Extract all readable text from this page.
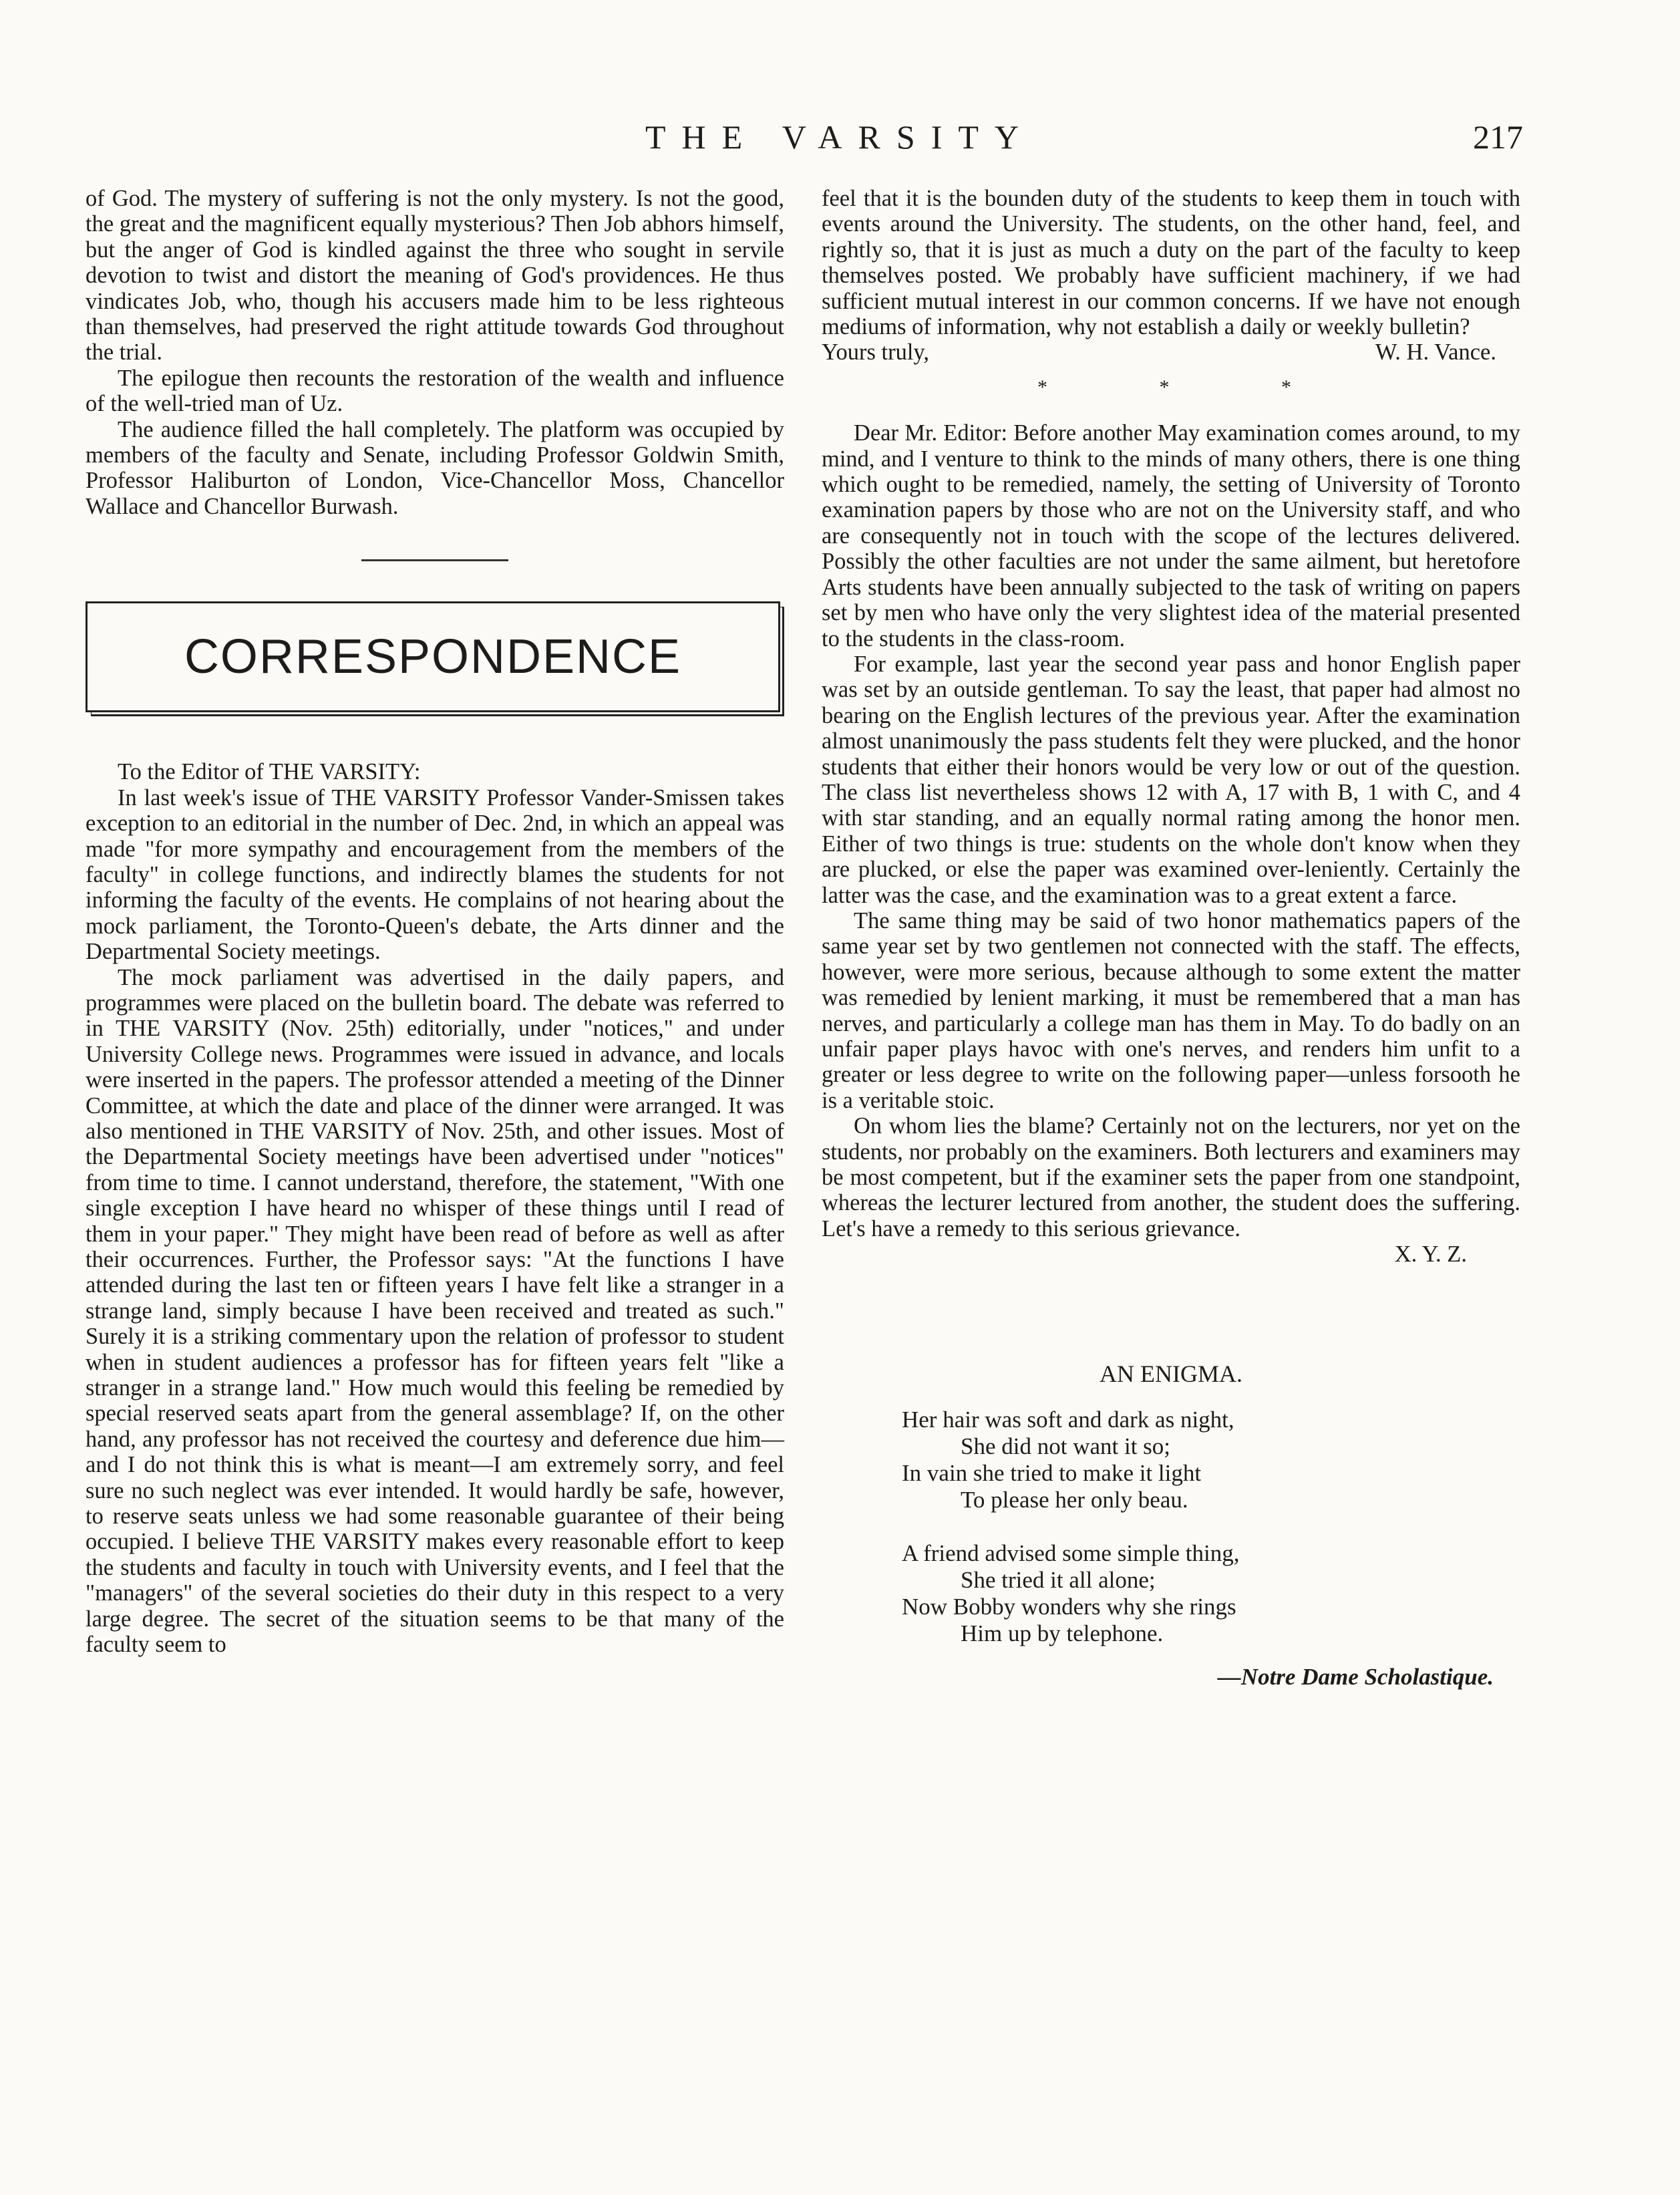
THE VARSITY	217

of God. The mystery of suffering is not the only mystery. Is not the good, the great and the magnificent equally mysterious? Then Job abhors himself, but the anger of God is kindled against the three who sought in servile devotion to twist and distort the meaning of God's providences. He thus vindicates Job, who, though his accusers made him to be less righteous than themselves, had preserved the right attitude towards God throughout the trial.

The epilogue then recounts the restoration of the wealth and influence of the well-tried man of Uz.

The audience filled the hall completely. The platform was occupied by members of the faculty and Senate, including Professor Goldwin Smith, Professor Haliburton of London, Vice-Chancellor Moss, Chancellor Wallace and Chancellor Burwash.

CORRESPONDENCE

To the Editor of THE VARSITY:

In last week's issue of THE VARSITY Professor Vander-Smissen takes exception to an editorial in the number of Dec. 2nd, in which an appeal was made "for more sympathy and encouragement from the members of the faculty" in college functions, and indirectly blames the students for not informing the faculty of the events. He complains of not hearing about the mock parliament, the Toronto-Queen's debate, the Arts dinner and the Departmental Society meetings.

The mock parliament was advertised in the daily papers, and programmes were placed on the bulletin board. The debate was referred to in THE VARSITY (Nov. 25th) editorially, under "notices," and under University College news. Programmes were issued in advance, and locals were inserted in the papers. The professor attended a meeting of the Dinner Committee, at which the date and place of the dinner were arranged. It was also mentioned in THE VARSITY of Nov. 25th, and other issues. Most of the Departmental Society meetings have been advertised under "notices" from time to time. I cannot understand, therefore, the statement, "With one single exception I have heard no whisper of these things until I read of them in your paper." They might have been read of before as well as after their occurrences. Further, the Professor says: "At the functions I have attended during the last ten or fifteen years I have felt like a stranger in a strange land, simply because I have been received and treated as such." Surely it is a striking commentary upon the relation of professor to student when in student audiences a professor has for fifteen years felt "like a stranger in a strange land." How much would this feeling be remedied by special reserved seats apart from the general assemblage? If, on the other hand, any professor has not received the courtesy and deference due him—and I do not think this is what is meant—I am extremely sorry, and feel sure no such neglect was ever intended. It would hardly be safe, however, to reserve seats unless we had some reasonable guarantee of their being occupied. I believe THE VARSITY makes every reasonable effort to keep the students and faculty in touch with University events, and I feel that the "managers" of the several societies do their duty in this respect to a very large degree. The secret of the situation seems to be that many of the faculty seem to

feel that it is the bounden duty of the students to keep them in touch with events around the University. The students, on the other hand, feel, and rightly so, that it is just as much a duty on the part of the faculty to keep themselves posted. We probably have sufficient machinery, if we had sufficient mutual interest in our common concerns. If we have not enough mediums of information, why not establish a daily or weekly bulletin?

Yours truly,	W. H. Vance.
* * *

Dear Mr. Editor: Before another May examination comes around, to my mind, and I venture to think to the minds of many others, there is one thing which ought to be remedied, namely, the setting of University of Toronto examination papers by those who are not on the University staff, and who are consequently not in touch with the scope of the lectures delivered. Possibly the other faculties are not under the same ailment, but heretofore Arts students have been annually subjected to the task of writing on papers set by men who have only the very slightest idea of the material presented to the students in the class-room.

For example, last year the second year pass and honor English paper was set by an outside gentleman. To say the least, that paper had almost no bearing on the English lectures of the previous year. After the examination almost unanimously the pass students felt they were plucked, and the honor students that either their honors would be very low or out of the question. The class list nevertheless shows 12 with A, 17 with B, 1 with C, and 4 with star standing, and an equally normal rating among the honor men. Either of two things is true: students on the whole don't know when they are plucked, or else the paper was examined over-leniently. Certainly the latter was the case, and the examination was to a great extent a farce.

The same thing may be said of two honor mathematics papers of the same year set by two gentlemen not connected with the staff. The effects, however, were more serious, because although to some extent the matter was remedied by lenient marking, it must be remembered that a man has nerves, and particularly a college man has them in May. To do badly on an unfair paper plays havoc with one's nerves, and renders him unfit to a greater or less degree to write on the following paper—unless forsooth he is a veritable stoic.

On whom lies the blame? Certainly not on the lecturers, nor yet on the students, nor probably on the examiners. Both lecturers and examiners may be most competent, but if the examiner sets the paper from one standpoint, whereas the lecturer lectured from another, the student does the suffering. Let's have a remedy to this serious grievance.

X. Y. Z.
AN ENIGMA.
Her hair was soft and dark as night,
She did not want it so;
In vain she tried to make it light
To please her only beau.
A friend advised some simple thing,
She tried it all alone;
Now Bobby wonders why she rings
Him up by telephone.
—Notre Dame Scholastique.
